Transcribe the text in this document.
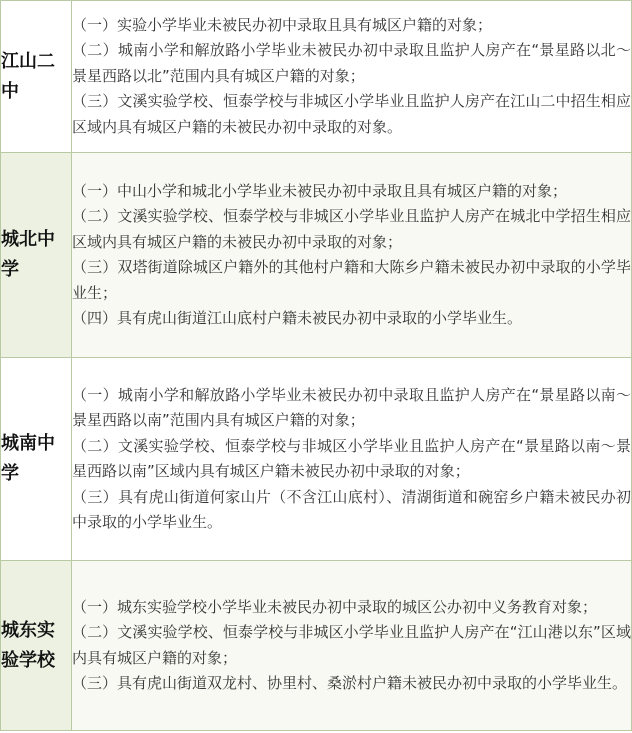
江山二中	（一）实验小学毕业未被民办初中录取且具有城区户籍的对象；
（二）城南小学和解放路小学毕业未被民办初中录取且监护人房产在“景星路以北～景星西路以北”范围内具有城区户籍的对象；
（三）文溪实验学校、恒泰学校与非城区小学毕业且监护人房产在江山二中招生相应区域内具有城区户籍的未被民办初中录取的对象。

城北中学	（一）中山小学和城北小学毕业未被民办初中录取且具有城区户籍的对象；
（二）文溪实验学校、恒泰学校与非城区小学毕业且监护人房产在城北中学招生相应区域内具有城区户籍的未被民办初中录取的对象；
（三）双塔街道除城区户籍外的其他村户籍和大陈乡户籍未被民办初中录取的小学毕业生；
（四）具有虎山街道江山底村户籍未被民办初中录取的小学毕业生。

城南中学	（一）城南小学和解放路小学毕业未被民办初中录取且监护人房产在“景星路以南～景星西路以南”范围内具有城区户籍的对象；
（二）文溪实验学校、恒泰学校与非城区小学毕业且监护人房产在“景星路以南～景星西路以南”区域内具有城区户籍未被民办初中录取的对象；
（三）具有虎山街道何家山片（不含江山底村）、清湖街道和碗窑乡户籍未被民办初中录取的小学毕业生。

城东实验学校	（一）城东实验学校小学毕业未被民办初中录取的城区公办初中义务教育对象；
（二）文溪实验学校、恒泰学校与非城区小学毕业且监护人房产在“江山港以东”区域内具有城区户籍的对象；
（三）具有虎山街道双龙村、协里村、桑淤村户籍未被民办初中录取的小学毕业生。
